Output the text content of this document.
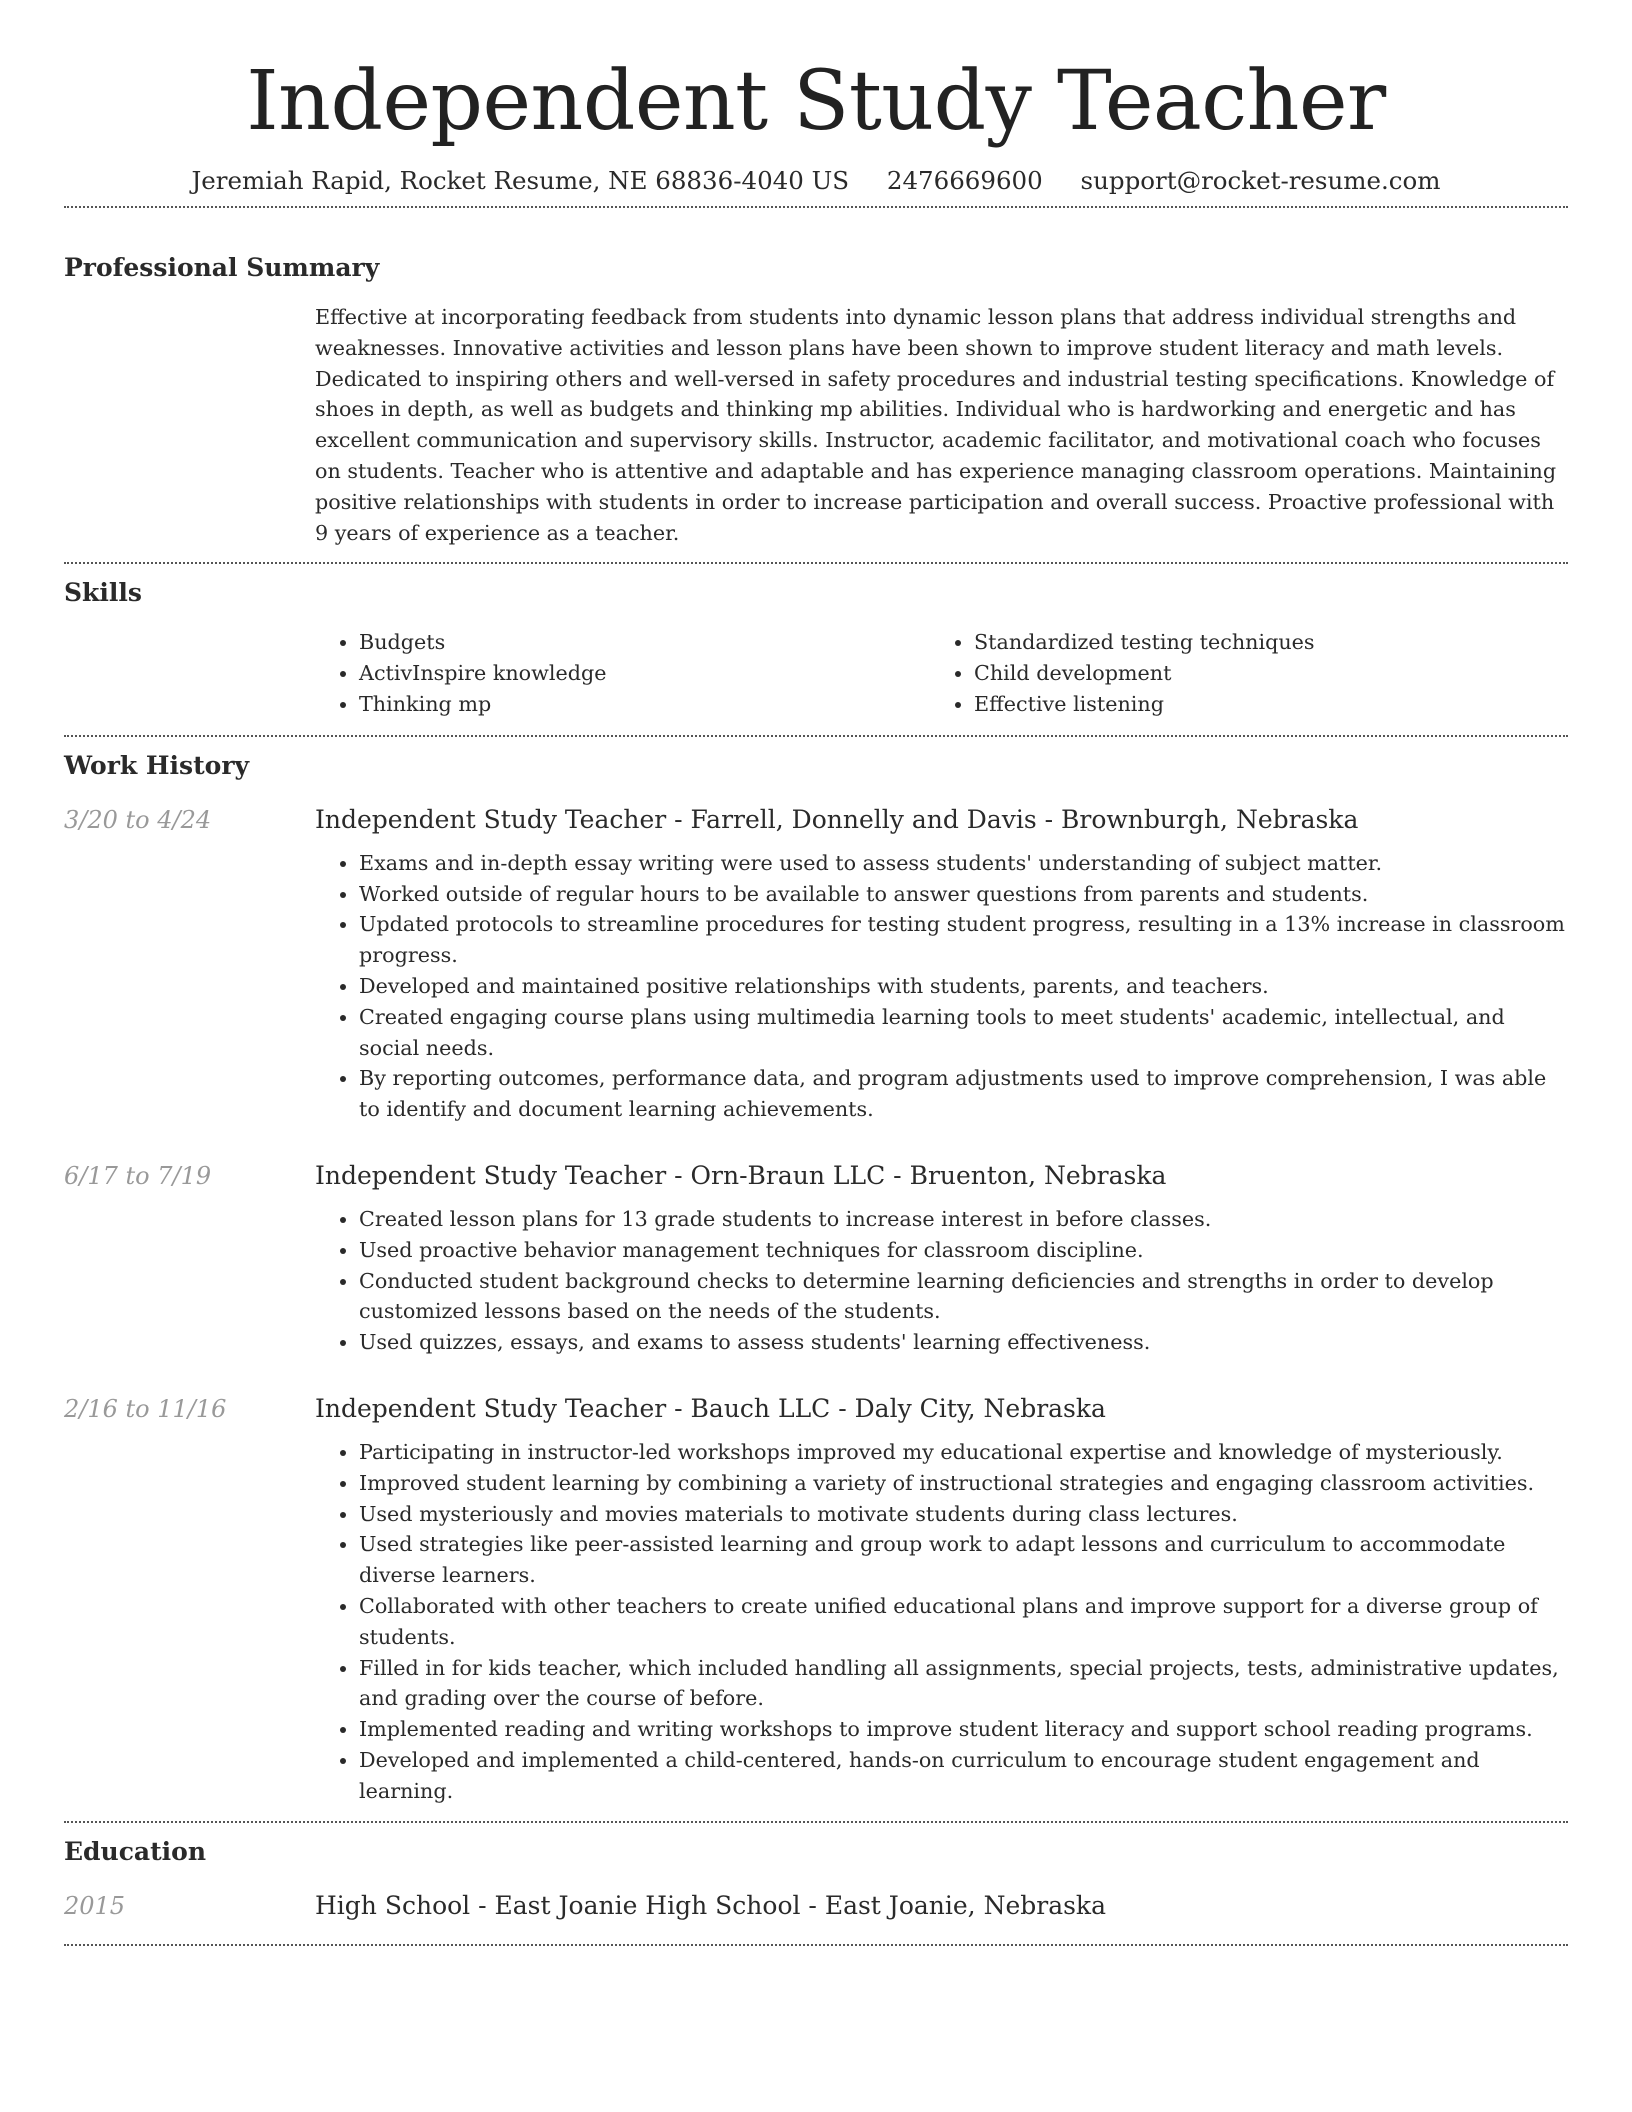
Independent Study Teacher
Jeremiah Rapid, Rocket Resume, NE 68836-4040 US 2476669600 support@rocket-resume.com
Professional Summary

Effective at incorporating feedback from students into dynamic lesson plans that address individual strengths and weaknesses. Innovative activities and lesson plans have been shown to improve student literacy and math levels. Dedicated to inspiring others and well-versed in safety procedures and industrial testing specifications. Knowledge of shoes in depth, as well as budgets and thinking mp abilities. Individual who is hardworking and energetic and has excellent communication and supervisory skills. Instructor, academic facilitator, and motivational coach who focuses on students. Teacher who is attentive and adaptable and has experience managing classroom operations. Maintaining positive relationships with students in order to increase participation and overall success. Proactive professional with 9 years of experience as a teacher.

Skills
• Budgets
• ActivInspire knowledge
• Thinking mp
• Standardized testing techniques
• Child development
• Effective listening
Work History
3/20 to 4/24	Independent Study Teacher - Farrell, Donnelly and Davis - Brownburgh, Nebraska
• Exams and in-depth essay writing were used to assess students' understanding of subject matter.
• Worked outside of regular hours to be available to answer questions from parents and students.
• Updated protocols to streamline procedures for testing student progress, resulting in a 13% increase in classroom progress.
• Developed and maintained positive relationships with students, parents, and teachers.
• Created engaging course plans using multimedia learning tools to meet students' academic, intellectual, and social needs.
• By reporting outcomes, performance data, and program adjustments used to improve comprehension, I was able to identify and document learning achievements.
6/17 to 7/19	Independent Study Teacher - Orn-Braun LLC - Bruenton, Nebraska
• Created lesson plans for 13 grade students to increase interest in before classes.
• Used proactive behavior management techniques for classroom discipline.
• Conducted student background checks to determine learning deficiencies and strengths in order to develop customized lessons based on the needs of the students.
• Used quizzes, essays, and exams to assess students' learning effectiveness.
2/16 to 11/16	Independent Study Teacher - Bauch LLC - Daly City, Nebraska
• Participating in instructor-led workshops improved my educational expertise and knowledge of mysteriously.
• Improved student learning by combining a variety of instructional strategies and engaging classroom activities.
• Used mysteriously and movies materials to motivate students during class lectures.
• Used strategies like peer-assisted learning and group work to adapt lessons and curriculum to accommodate diverse learners.
• Collaborated with other teachers to create unified educational plans and improve support for a diverse group of students.
• Filled in for kids teacher, which included handling all assignments, special projects, tests, administrative updates, and grading over the course of before.
• Implemented reading and writing workshops to improve student literacy and support school reading programs.
• Developed and implemented a child-centered, hands-on curriculum to encourage student engagement and learning.
Education
2015	High School - East Joanie High School - East Joanie, Nebraska
